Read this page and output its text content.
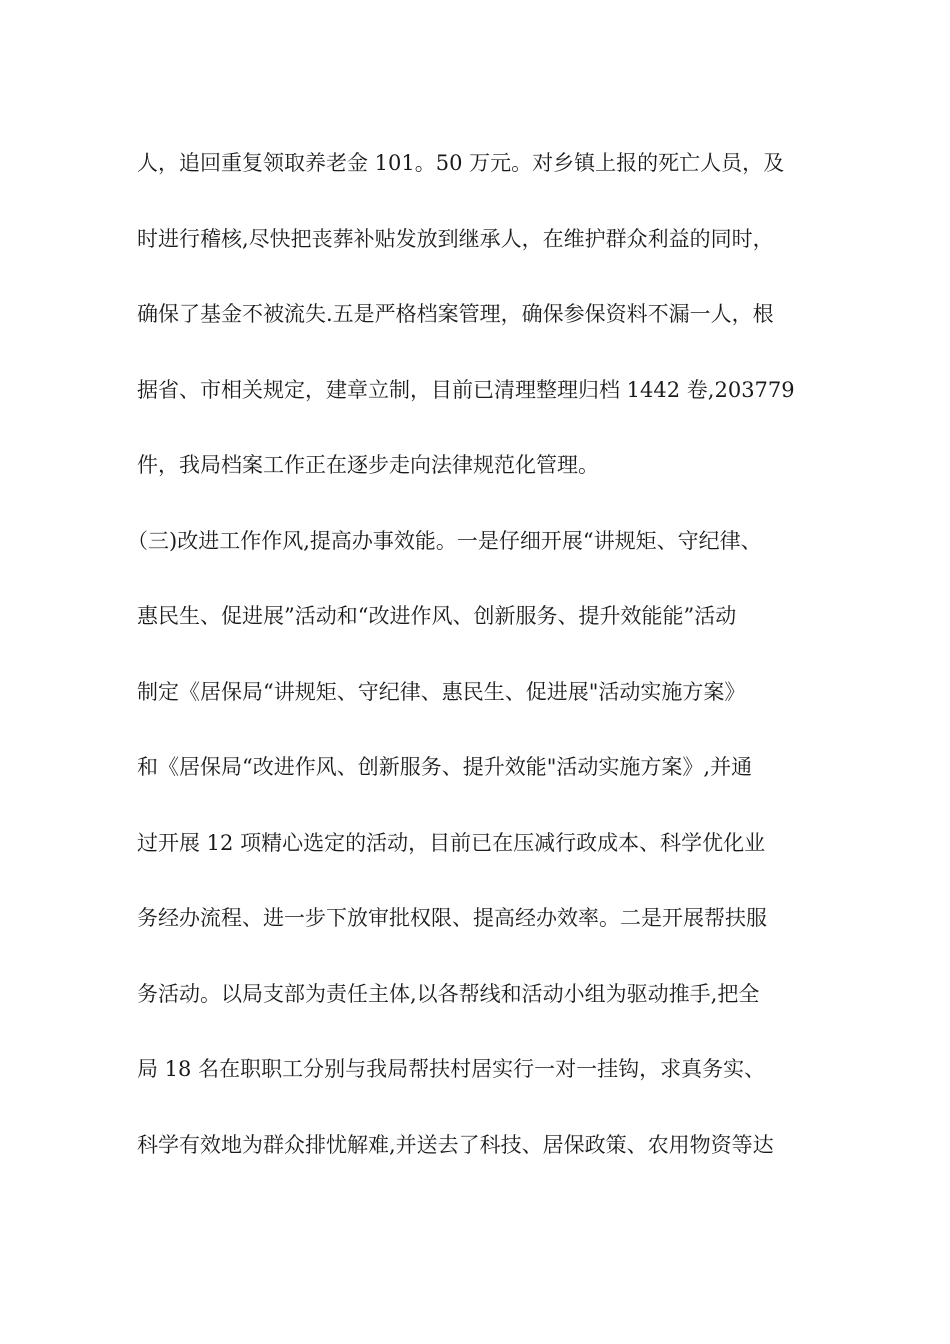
人，追回重复领取养老金 101。50 万元。对乡镇上报的死亡人员，及
时进行稽核,尽快把丧葬补贴发放到继承人，在维护群众利益的同时，
确保了基金不被流失.五是严格档案管理，确保参保资料不漏一人，根
据省、市相关规定，建章立制，目前已清理整理归档 1442 卷,203779
件，我局档案工作正在逐步走向法律规范化管理。
（三)改进工作作风,提高办事效能。一是仔细开展“讲规矩、守纪律、
惠民生、促进展”活动和“改进作风、创新服务、提升效能能”活动
制定《居保局“讲规矩、守纪律、惠民生、促进展"活动实施方案》
和《居保局“改进作风、创新服务、提升效能"活动实施方案》,并通
过开展 12 项精心选定的活动，目前已在压减行政成本、科学优化业
务经办流程、进一步下放审批权限、提高经办效率。二是开展帮扶服
务活动。以局支部为责任主体,以各帮线和活动小组为驱动推手,把全
局 18 名在职职工分别与我局帮扶村居实行一对一挂钩，求真务实、
科学有效地为群众排忧解难,并送去了科技、居保政策、农用物资等达
